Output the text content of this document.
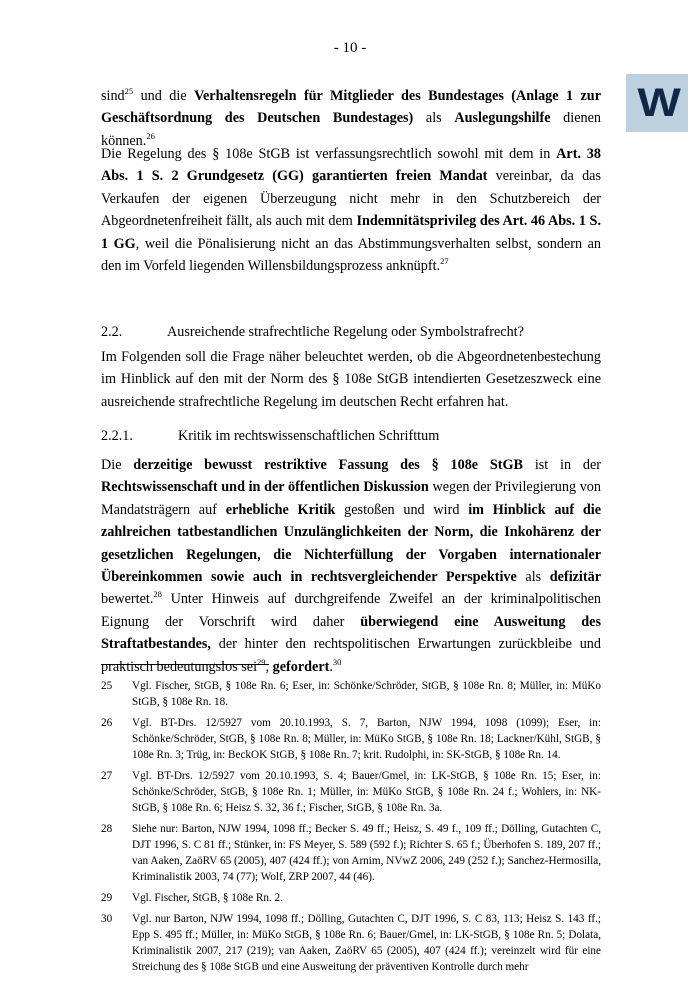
- 10 -
W

sind$^{25}$ und die Verhaltensregeln für Mitglieder des Bundestages (Anlage 1 zur Geschäftsordnung des Deutschen Bundestages) als Auslegungshilfe dienen können.$^{26}$

Die Regelung des § 108e StGB ist verfassungsrechtlich sowohl mit dem in Art. 38 Abs. 1 S. 2 Grundgesetz (GG) garantierten freien Mandat vereinbar, da das Verkaufen der eigenen Überzeugung nicht mehr in den Schutzbereich der Abgeordnetenfreiheit fällt, als auch mit dem Indemnitätsprivileg des Art. 46 Abs. 1 S. 1 GG, weil die Pönalisierung nicht an das Abstimmungsverhalten selbst, sondern an den im Vorfeld liegenden Willensbildungsprozess anknüpft.$^{27}$

2.2.	Ausreichende strafrechtliche Regelung oder Symbolstrafrecht?

Im Folgenden soll die Frage näher beleuchtet werden, ob die Abgeordnetenbestechung im Hinblick auf den mit der Norm des § 108e StGB intendierten Gesetzeszweck eine ausreichende strafrechtliche Regelung im deutschen Recht erfahren hat.

2.2.1.	Kritik im rechtswissenschaftlichen Schrifttum

Die derzeitige bewusst restriktive Fassung des § 108e StGB ist in der Rechtswissenschaft und in der öffentlichen Diskussion wegen der Privilegierung von Mandatsträgern auf erhebliche Kritik gestoßen und wird im Hinblick auf die zahlreichen tatbestandlichen Unzulänglichkeiten der Norm, die Inkohärenz der gesetzlichen Regelungen, die Nichterfüllung der Vorgaben internationaler Übereinkommen sowie auch in rechtsvergleichender Perspektive als defizitär bewertet.$^{28}$ Unter Hinweis auf durchgreifende Zweifel an der kriminalpolitischen Eignung der Vorschrift wird daher überwiegend eine Ausweitung des Straftatbestandes, der hinter den rechtspolitischen Erwartungen zurückbleibe und praktisch bedeutungslos sei$^{29}$, gefordert.$^{30}$

25	Vgl. Fischer, StGB, § 108e Rn. 6; Eser, in: Schönke/Schröder, StGB, § 108e Rn. 8; Müller, in: MüKo StGB, § 108e Rn. 18.
26	Vgl. BT-Drs. 12/5927 vom 20.10.1993, S. 7, Barton, NJW 1994, 1098 (1099); Eser, in: Schönke/Schröder, StGB, § 108e Rn. 8; Müller, in: MüKo StGB, § 108e Rn. 18; Lackner/Kühl, StGB, § 108e Rn. 3; Trüg, in: BeckOK StGB, § 108e Rn. 7; krit. Rudolphi, in: SK-StGB, § 108e Rn. 14.
27	Vgl. BT-Drs. 12/5927 vom 20.10.1993, S. 4; Bauer/Gmel, in: LK-StGB, § 108e Rn. 15; Eser, in: Schönke/Schröder, StGB, § 108e Rn. 1; Müller, in: MüKo StGB, § 108e Rn. 24 f.; Wohlers, in: NK-StGB, § 108e Rn. 6; Heisz S. 32, 36 f.; Fischer, StGB, § 108e Rn. 3a.
28	Siehe nur: Barton, NJW 1994, 1098 ff.; Becker S. 49 ff.; Heisz, S. 49 f., 109 ff.; Dölling, Gutachten C, DJT 1996, S. C 81 ff.; Stünker, in: FS Meyer, S. 589 (592 f.); Richter S. 65 f.; Überhofen S. 189, 207 ff.; van Aaken, ZaöRV 65 (2005), 407 (424 ff.); von Arnim, NVwZ 2006, 249 (252 f.); Sanchez-Hermosilla, Kriminalistik 2003, 74 (77); Wolf, ZRP 2007, 44 (46).
29	Vgl. Fischer, StGB, § 108e Rn. 2.
30	Vgl. nur Barton, NJW 1994, 1098 ff.; Dölling, Gutachten C, DJT 1996, S. C 83, 113; Heisz S. 143 ff.; Epp S. 495 ff.; Müller, in: MüKo StGB, § 108e Rn. 6; Bauer/Gmel, in: LK-StGB, § 108e Rn. 5; Dolata, Kriminalistik 2007, 217 (219); van Aaken, ZaöRV 65 (2005), 407 (424 ff.); vereinzelt wird für eine Streichung des § 108e StGB und eine Ausweitung der präventiven Kontrolle durch mehr
